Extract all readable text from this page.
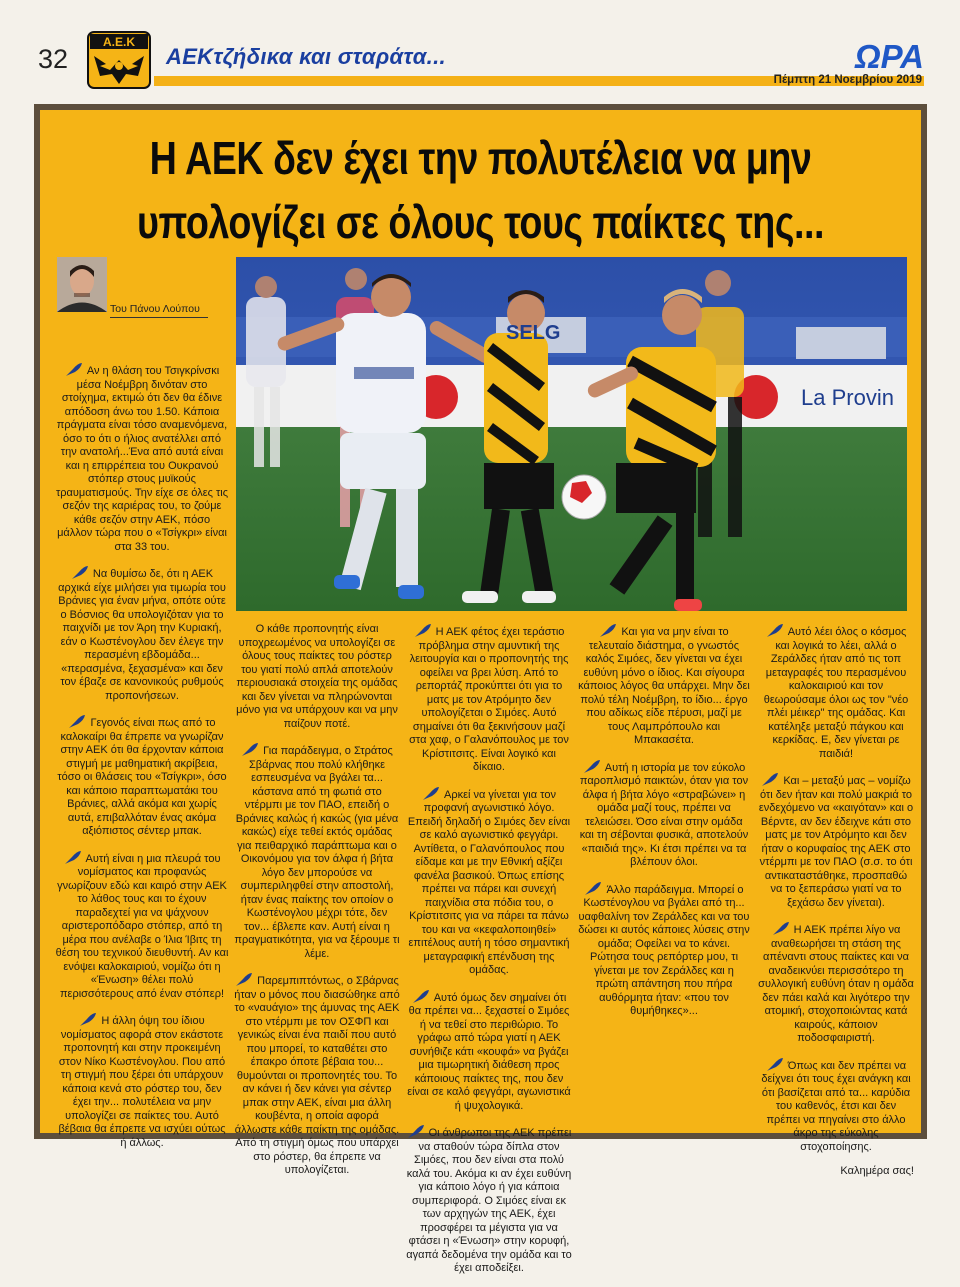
32
Α.Ε.Κ
ΑΕΚτζήδικα και σταράτα...	ΩΡΑ
Πέμπτη 21 Νοεμβρίου 2019
Η ΑΕΚ δεν έχει την πολυτέλεια να μην
υπολογίζει σε όλους τους παίκτες της...
Του Πάνου Λούπου
La Provin
SELG

Αν η θλάση του Τσιγκρίνσκι μέσα Νοέμβρη δινόταν στο στοίχημα, εκτιμώ ότι δεν θα έδινε απόδοση άνω του 1.50. Κάποια πράγματα είναι τόσο αναμενόμενα, όσο το ότι ο ήλιος ανατέλλει από την ανατολή...Ένα από αυτά είναι και η επιρρέπεια του Ουκρανού στόπερ στους μυϊκούς τραυματισμούς. Την είχε σε όλες τις σεζόν της καριέρας του, το ζούμε κάθε σεζόν στην ΑΕΚ, πόσο μάλλον τώρα που ο «Τσίγκρι» είναι στα 33 του.

Να θυμίσω δε, ότι η ΑΕΚ αρχικά είχε μιλήσει για τιμωρία του Βράνιες για έναν μήνα, οπότε ούτε ο Βόσνιος θα υπολογιζόταν για το παιχνίδι με τον Άρη την Κυριακή, εάν ο Κωστένογλου δεν έλεγε την περασμένη εβδομάδα... «περασμένα, ξεχασμένα» και δεν τον έβαζε σε κανονικούς ρυθμούς προπονήσεων.

Γεγονός είναι πως από το καλοκαίρι θα έπρεπε να γνωρίζαν στην ΑΕΚ ότι θα έρχονταν κάποια στιγμή με μαθηματική ακρίβεια, τόσο οι θλάσεις του «Τσίγκρι», όσο και κάποιο παραπτωματάκι του Βράνιες, αλλά ακόμα και χωρίς αυτά, επιβαλλόταν ένας ακόμα αξιόπιστος σέντερ μπακ.

Αυτή είναι η μια πλευρά του νομίσματος και προφανώς γνωρίζουν εδώ και καιρό στην ΑΕΚ το λάθος τους και το έχουν παραδεχτεί για να ψάχνουν αριστεροπόδαρο στόπερ, από τη μέρα που ανέλαβε ο Ίλια Ίβιτς τη θέση του τεχνικού διευθυντή. Αν και ενόψει καλοκαιριού, νομίζω ότι η «Ένωση» θέλει πολύ περισσότερους από έναν στόπερ!

Η άλλη όψη του ίδιου νομίσματος αφορά στον εκάστοτε προπονητή και στην προκειμένη στον Νίκο Κωστένογλου. Που από τη στιγμή που ξέρει ότι υπάρχουν κάποια κενά στο ρόστερ του, δεν έχει την... πολυτέλεια να μην υπολογίζει σε παίκτες του. Αυτό βέβαια θα έπρεπε να ισχύει ούτως ή άλλως.

Ο κάθε προπονητής είναι υποχρεωμένος να υπολογίζει σε όλους τους παίκτες του ρόστερ του γιατί πολύ απλά αποτελούν περιουσιακά στοιχεία της ομάδας και δεν γίνεται να πληρώνονται μόνο για να υπάρχουν και να μην παίζουν ποτέ.

Για παράδειγμα, ο Στράτος Σβάρνας που πολύ κλήθηκε εσπευσμένα να βγάλει τα... κάστανα από τη φωτιά στο ντέρμπι με τον ΠΑΟ, επειδή ο Βράνιες καλώς ή κακώς (για μένα κακώς) είχε τεθεί εκτός ομάδας για πειθαρχικό παράπτωμα και ο Οικονόμου για τον άλφα ή βήτα λόγο δεν μπορούσε να συμπεριληφθεί στην αποστολή, ήταν ένας παίκτης τον οποίον ο Κωστένογλου μέχρι τότε, δεν τον... έβλεπε καν. Αυτή είναι η πραγματικότητα, για να ξέρουμε τι λέμε.

Παρεμπιπτόντως, ο Σβάρνας ήταν ο μόνος που διασώθηκε από το «ναυάγιο» της άμυνας της ΑΕΚ στο ντέρμπι με τον ΟΣΦΠ και γενικώς είναι ένα παιδί που αυτό που μπορεί, το καταθέτει στο έπακρο όποτε βέβαια του... θυμούνται οι προπονητές του. Το αν κάνει ή δεν κάνει για σέντερ μπακ στην ΑΕΚ, είναι μια άλλη κουβέντα, η οποία αφορά άλλωστε κάθε παίκτη της ομάδας. Από τη στιγμή όμως που υπάρχει στο ρόστερ, θα έπρεπε να υπολογίζεται.

Η ΑΕΚ φέτος έχει τεράστιο πρόβλημα στην αμυντική της λειτουργία και ο προπονητής της οφείλει να βρει λύση. Από το ρεπορτάζ προκύπτει ότι για το ματς με τον Ατρόμητο δεν υπολογίζεται ο Σιμόες. Αυτό σημαίνει ότι θα ξεκινήσουν μαζί στα χαφ, ο Γαλανόπουλος με τον Κρίστιτσιτς. Είναι λογικό και δίκαιο.

Αρκεί να γίνεται για τον προφανή αγωνιστικό λόγο. Επειδή δηλαδή ο Σιμόες δεν είναι σε καλό αγωνιστικό φεγγάρι. Αντίθετα, ο Γαλανόπουλος που είδαμε και με την Εθνική αξίζει φανέλα βασικού. Όπως επίσης πρέπει να πάρει και συνεχή παιχνίδια στα πόδια του, ο Κρίστιτσιτς για να πάρει τα πάνω του και να «κεφαλοποιηθεί» επιτέλους αυτή η τόσο σημαντική μεταγραφική επένδυση της ομάδας.

Αυτό όμως δεν σημαίνει ότι θα πρέπει να... ξεχαστεί ο Σιμόες ή να τεθεί στο περιθώριο. Το γράφω από τώρα γιατί η ΑΕΚ συνήθιζε κάτι «κουφά» να βγάζει μια τιμωρητική διάθεση προς κάποιους παίκτες της, που δεν είναι σε καλό φεγγάρι, αγωνιστικά ή ψυχολογικά.

Οι άνθρωποι της ΑΕΚ πρέπει να σταθούν τώρα δίπλα στον Σιμόες, που δεν είναι στα πολύ καλά του. Ακόμα κι αν έχει ευθύνη για κάποιο λόγο ή για κάποια συμπεριφορά. Ο Σιμόες είναι εκ των αρχηγών της ΑΕΚ, έχει προσφέρει τα μέγιστα για να φτάσει η «Ένωση» στην κορυφή, αγαπά δεδομένα την ομάδα και το έχει αποδείξει.

Και για να μην είναι το τελευταίο διάστημα, ο γνωστός καλός Σιμόες, δεν γίνεται να έχει ευθύνη μόνο ο ίδιος. Και σίγουρα κάποιος λόγος θα υπάρχει. Μην δει πολύ τέλη Νοέμβρη, το ίδιο... έργο που αδίκως είδε πέρυσι, μαζί με τους Λαμπρόπουλο και Μπακασέτα.

Αυτή η ιστορία με τον εύκολο παροπλισμό παικτών, όταν για τον άλφα ή βήτα λόγο «στραβώνει» η ομάδα μαζί τους, πρέπει να τελειώσει. Όσο είναι στην ομάδα και τη σέβονται φυσικά, αποτελούν «παιδιά της». Κι έτσι πρέπει να τα βλέπουν όλοι.

Άλλο παράδειγμα. Μπορεί ο Κωστένογλου να βγάλει από τη... υαφθαλίνη τον Ζεράλδες και να του δώσει κι αυτός κάποιες λύσεις στην ομάδα; Οφείλει να το κάνει. Ρώτησα τους ρεπόρτερ μου, τι γίνεται με τον Ζεράλδες και η πρώτη απάντηση που πήρα αυθόρμητα ήταν: «που τον θυμήθηκες»...

Αυτό λέει όλος ο κόσμος και λογικά το λέει, αλλά ο Ζεράλδες ήταν από τις τοπ μεταγραφές του περασμένου καλοκαιριού και τον θεωρούσαμε όλοι ως τον "νέο πλέι μέικερ" της ομάδας. Και κατέληξε μεταξύ πάγκου και κερκίδας. Ε, δεν γίνεται ρε παιδιά!

Και – μεταξύ μας – νομίζω ότι δεν ήταν και πολύ μακριά το ενδεχόμενο να «καιγόταν» και ο Βέρντε, αν δεν έδειχνε κάτι στο ματς με τον Ατρόμητο και δεν ήταν ο κορυφαίος της ΑΕΚ στο ντέρμπι με τον ΠΑΟ (σ.σ. το ότι αντικαταστάθηκε, προσπαθώ να το ξεπεράσω γιατί να το ξεχάσω δεν γίνεται).

Η ΑΕΚ πρέπει λίγο να αναθεωρήσει τη στάση της απέναντι στους παίκτες και να αναδεικνύει περισσότερο τη συλλογική ευθύνη όταν η ομάδα δεν πάει καλά και λιγότερο την ατομική, στοχοποιώντας κατά καιρούς, κάποιον ποδοσφαιριστή.

Όπως και δεν πρέπει να δείχνει ότι τους έχει ανάγκη και ότι βασίζεται από τα... καρύδια του καθενός, έτσι και δεν πρέπει να πηγαίνει στο άλλο άκρο της εύκολης στοχοποίησης.

Καλημέρα σας!
